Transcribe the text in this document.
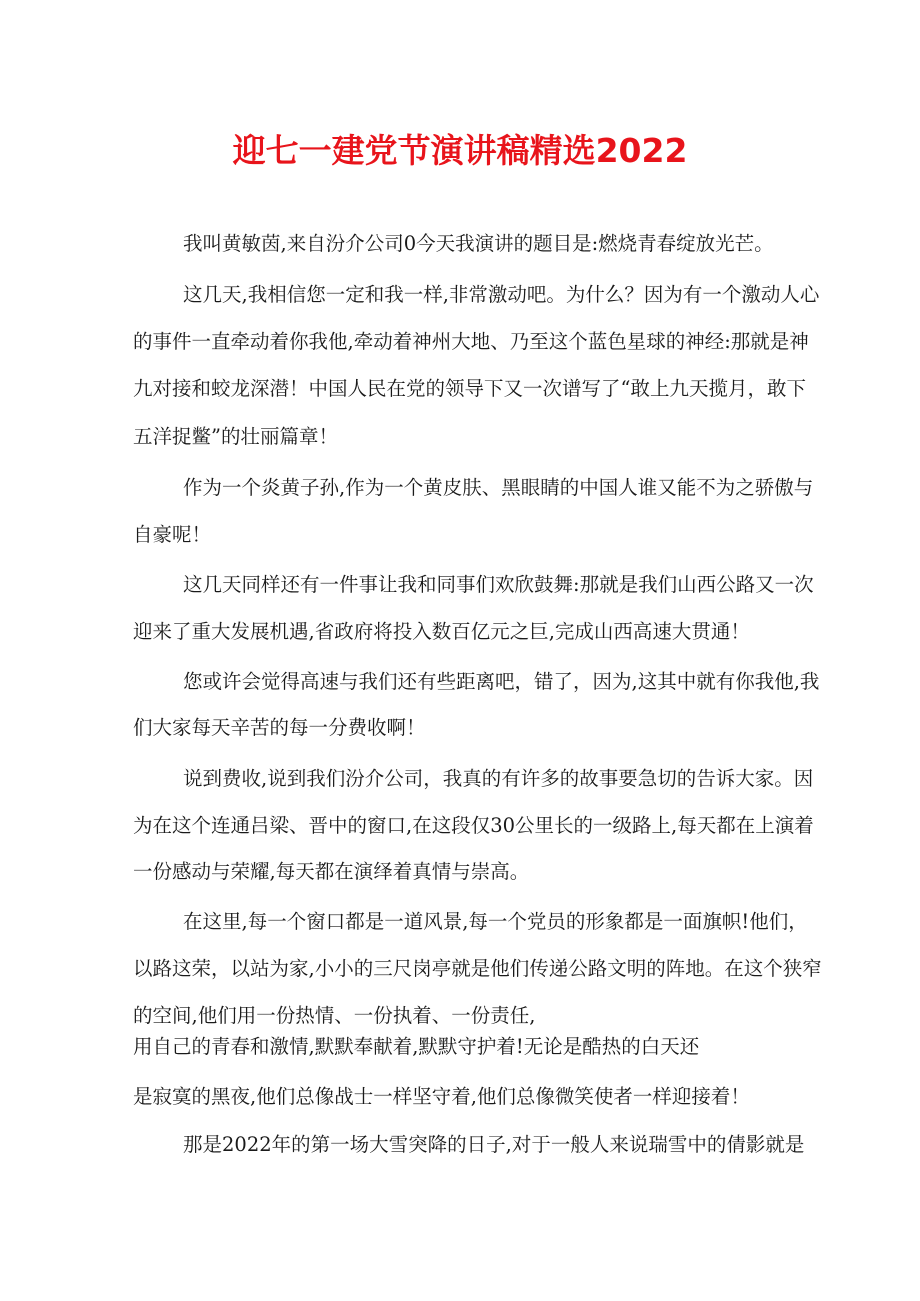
迎七一建党节演讲稿精选2022

我叫黄敏茵,来自汾介公司0今天我演讲的题目是:燃烧青春绽放光芒。

这几天,我相信您一定和我一样,非常激动吧。为什么？因为有一个激动人心

的事件一直牵动着你我他,牵动着神州大地、乃至这个蓝色星球的神经:那就是神

九对接和蛟龙深潜！中国人民在党的领导下又一次谱写了“敢上九天揽月，敢下

五洋捉鳖”的壮丽篇章！

作为一个炎黄子孙,作为一个黄皮肤、黑眼睛的中国人谁又能不为之骄傲与

自豪呢！

这几天同样还有一件事让我和同事们欢欣鼓舞:那就是我们山西公路又一次

迎来了重大发展机遇,省政府将投入数百亿元之巨,完成山西高速大贯通！

您或许会觉得高速与我们还有些距离吧，错了，因为,这其中就有你我他,我

们大家每天辛苦的每一分费收啊！

说到费收,说到我们汾介公司，我真的有许多的故事要急切的告诉大家。因

为在这个连通吕梁、晋中的窗口,在这段仅30公里长的一级路上,每天都在上演着

一份感动与荣耀,每天都在演绎着真情与崇高。

在这里,每一个窗口都是一道风景,每一个党员的形象都是一面旗帜!他们，

以路这荣，以站为家,小小的三尺岗亭就是他们传递公路文明的阵地。在这个狭窄

的空间,他们用一份热情、一份执着、一份责任,

用自己的青春和激情,默默奉献着,默默守护着!无论是酷热的白天还

是寂寞的黑夜,他们总像战士一样坚守着,他们总像微笑使者一样迎接着！

那是2022年的第一场大雪突降的日子,对于一般人来说瑞雪中的倩影就是
